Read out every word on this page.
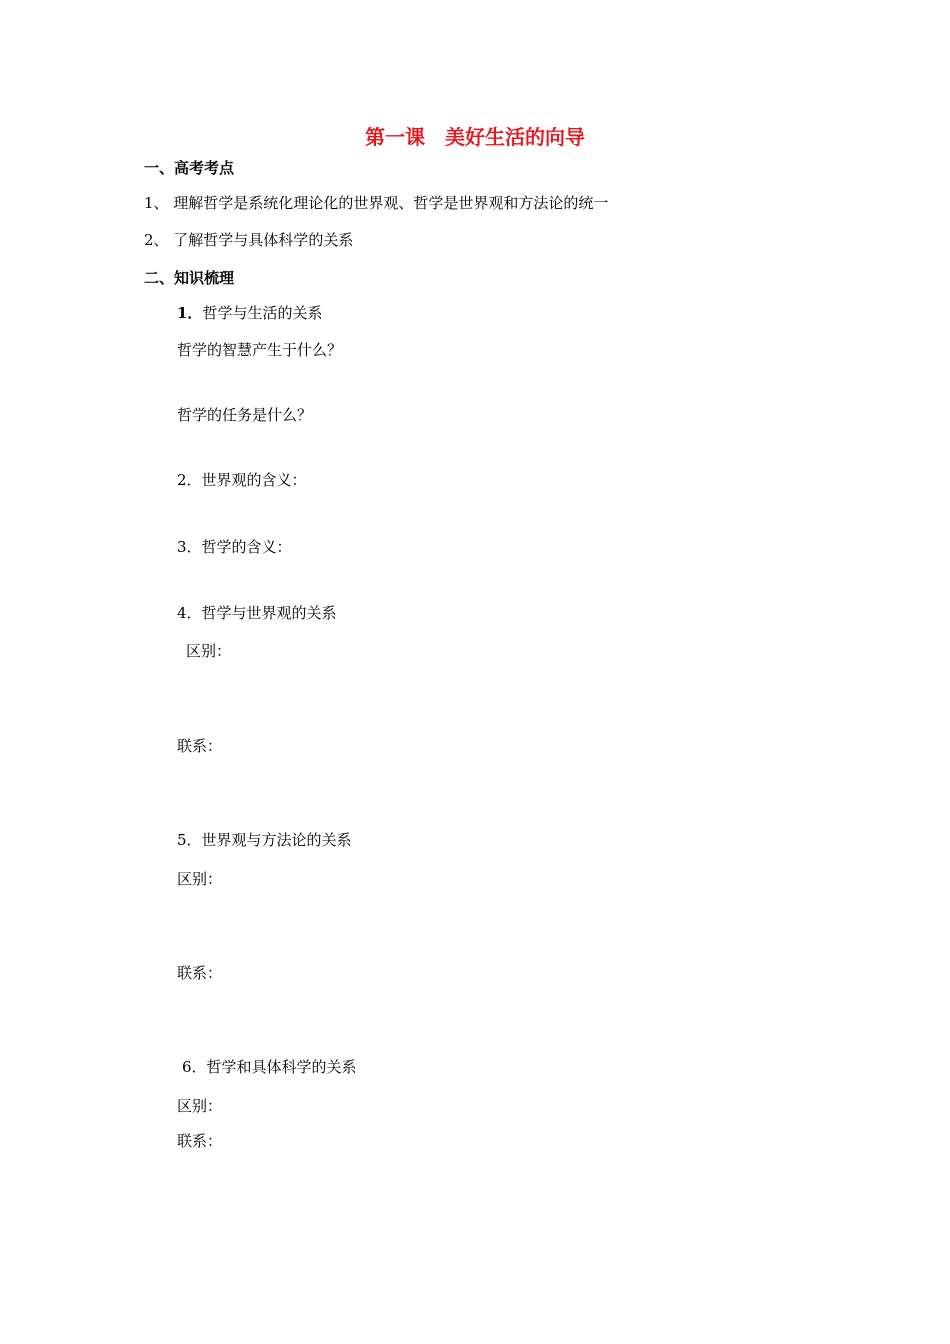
第一课　美好生活的向导
一、高考考点
1、 理解哲学是系统化理论化的世界观、哲学是世界观和方法论的统一
2、 了解哲学与具体科学的关系
二、知识梳理
1．哲学与生活的关系
哲学的智慧产生于什么？
哲学的任务是什么？
2．世界观的含义：
3．哲学的含义：
4．哲学与世界观的关系
区别：
联系：
5．世界观与方法论的关系
区别：
联系：
6．哲学和具体科学的关系
区别：
联系：
